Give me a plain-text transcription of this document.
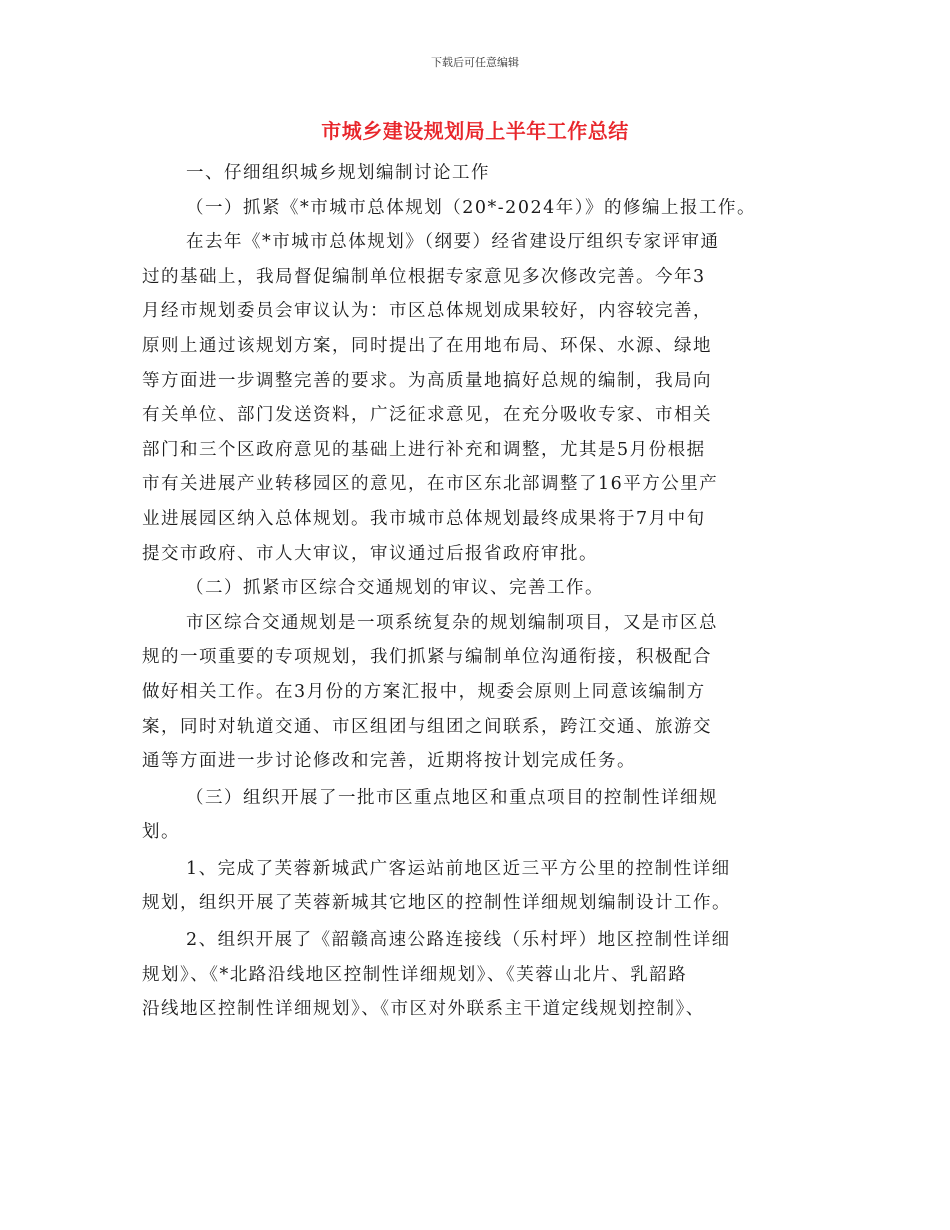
下载后可任意编辑
市城乡建设规划局上半年工作总结
一、仔细组织城乡规划编制讨论工作
（一）抓紧《*市城市总体规划（20*-2024年）》的修编上报工作。
在去年《*市城市总体规划》（纲要）经省建设厅组织专家评审通
过的基础上，我局督促编制单位根据专家意见多次修改完善。今年3
月经市规划委员会审议认为：市区总体规划成果较好，内容较完善，
原则上通过该规划方案，同时提出了在用地布局、环保、水源、绿地
等方面进一步调整完善的要求。为高质量地搞好总规的编制，我局向
有关单位、部门发送资料，广泛征求意见，在充分吸收专家、市相关
部门和三个区政府意见的基础上进行补充和调整，尤其是5月份根据
市有关进展产业转移园区的意见，在市区东北部调整了16平方公里产
业进展园区纳入总体规划。我市城市总体规划最终成果将于7月中旬
提交市政府、市人大审议，审议通过后报省政府审批。
（二）抓紧市区综合交通规划的审议、完善工作。
市区综合交通规划是一项系统复杂的规划编制项目，又是市区总
规的一项重要的专项规划，我们抓紧与编制单位沟通衔接，积极配合
做好相关工作。在3月份的方案汇报中，规委会原则上同意该编制方
案，同时对轨道交通、市区组团与组团之间联系，跨江交通、旅游交
通等方面进一步讨论修改和完善，近期将按计划完成任务。
（三）组织开展了一批市区重点地区和重点项目的控制性详细规
划。
1、完成了芙蓉新城武广客运站前地区近三平方公里的控制性详细
规划，组织开展了芙蓉新城其它地区的控制性详细规划编制设计工作。
2、组织开展了《韶赣高速公路连接线（乐村坪）地区控制性详细
规划》、《*北路沿线地区控制性详细规划》、《芙蓉山北片、乳韶路
沿线地区控制性详细规划》、《市区对外联系主干道定线规划控制》、
